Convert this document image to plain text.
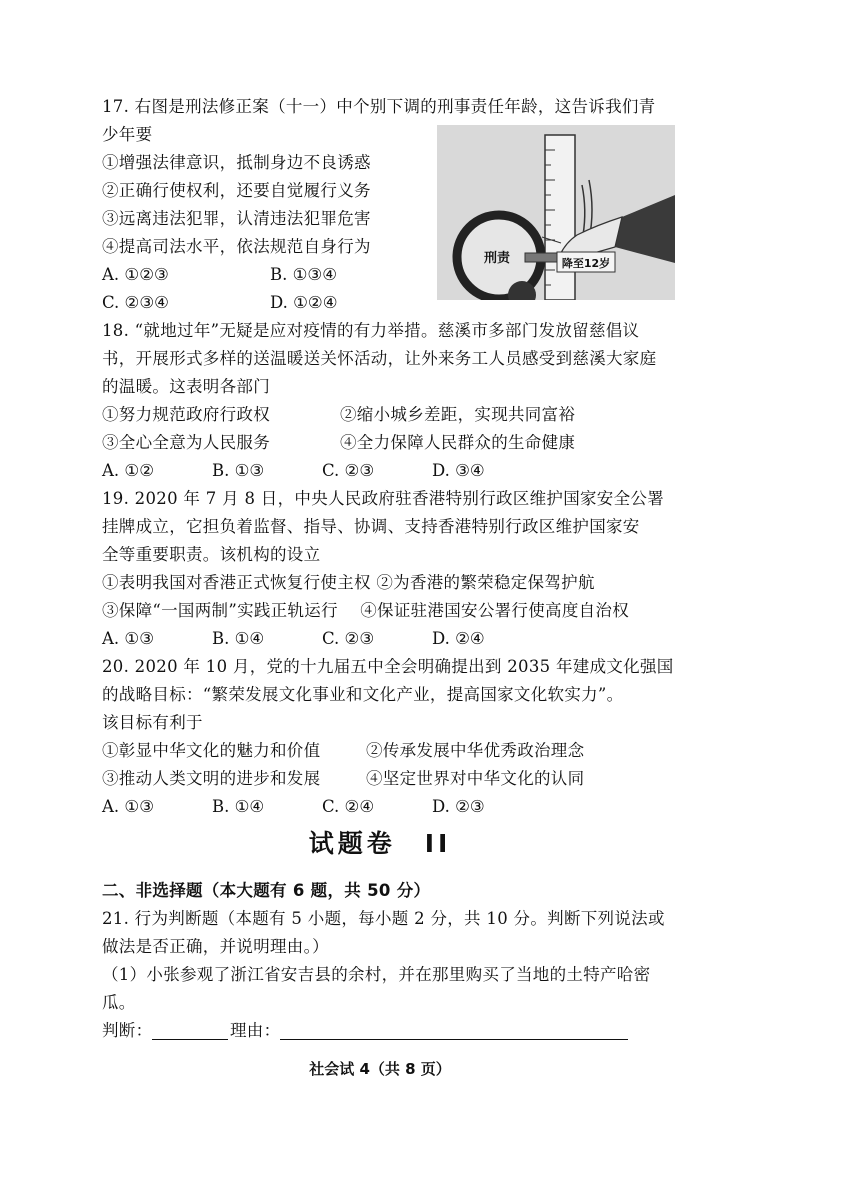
17. 右图是刑法修正案（十一）中个别下调的刑事责任年龄，这告诉我们青
少年要
①增强法律意识，抵制身边不良诱惑
②正确行使权利，还要自觉履行义务
③远离违法犯罪，认清违法犯罪危害
④提高司法水平，依法规范自身行为
A. ①②③	B. ①③④
C. ②③④	D. ①②④
刑责	降至12岁
18. “就地过年”无疑是应对疫情的有力举措。慈溪市多部门发放留慈倡议
书，开展形式多样的送温暖送关怀活动，让外来务工人员感受到慈溪大家庭
的温暖。这表明各部门
①努力规范政府行政权	②缩小城乡差距，实现共同富裕
③全心全意为人民服务	④全力保障人民群众的生命健康
A. ①②	B. ①③	C. ②③	D. ③④
19. 2020 年 7 月 8 日，中央人民政府驻香港特别行政区维护国家安全公署
挂牌成立，它担负着监督、指导、协调、支持香港特别行政区维护国家安
全等重要职责。该机构的设立
①表明我国对香港正式恢复行使主权 ②为香港的繁荣稳定保驾护航
③保障“一国两制”实践正轨运行　 ④保证驻港国安公署行使高度自治权
A. ①③	B. ①④	C. ②③	D. ②④
20. 2020 年 10 月，党的十九届五中全会明确提出到 2035 年建成文化强国
的战略目标：“繁荣发展文化事业和文化产业，提高国家文化软实力”。
该目标有利于
①彰显中华文化的魅力和价值	②传承发展中华优秀政治理念
③推动人类文明的进步和发展	④坚定世界对中华文化的认同
A. ①③	B. ①④	C. ②④	D. ②③
试题卷　II
二、非选择题（本大题有 6 题，共 50 分）
21. 行为判断题（本题有 5 小题，每小题 2 分，共 10 分。判断下列说法或
做法是否正确，并说明理由。）
（1）小张参观了浙江省安吉县的余村，并在那里购买了当地的土特产哈密
瓜。
判断：	理由：
社会试 4（共 8 页）
